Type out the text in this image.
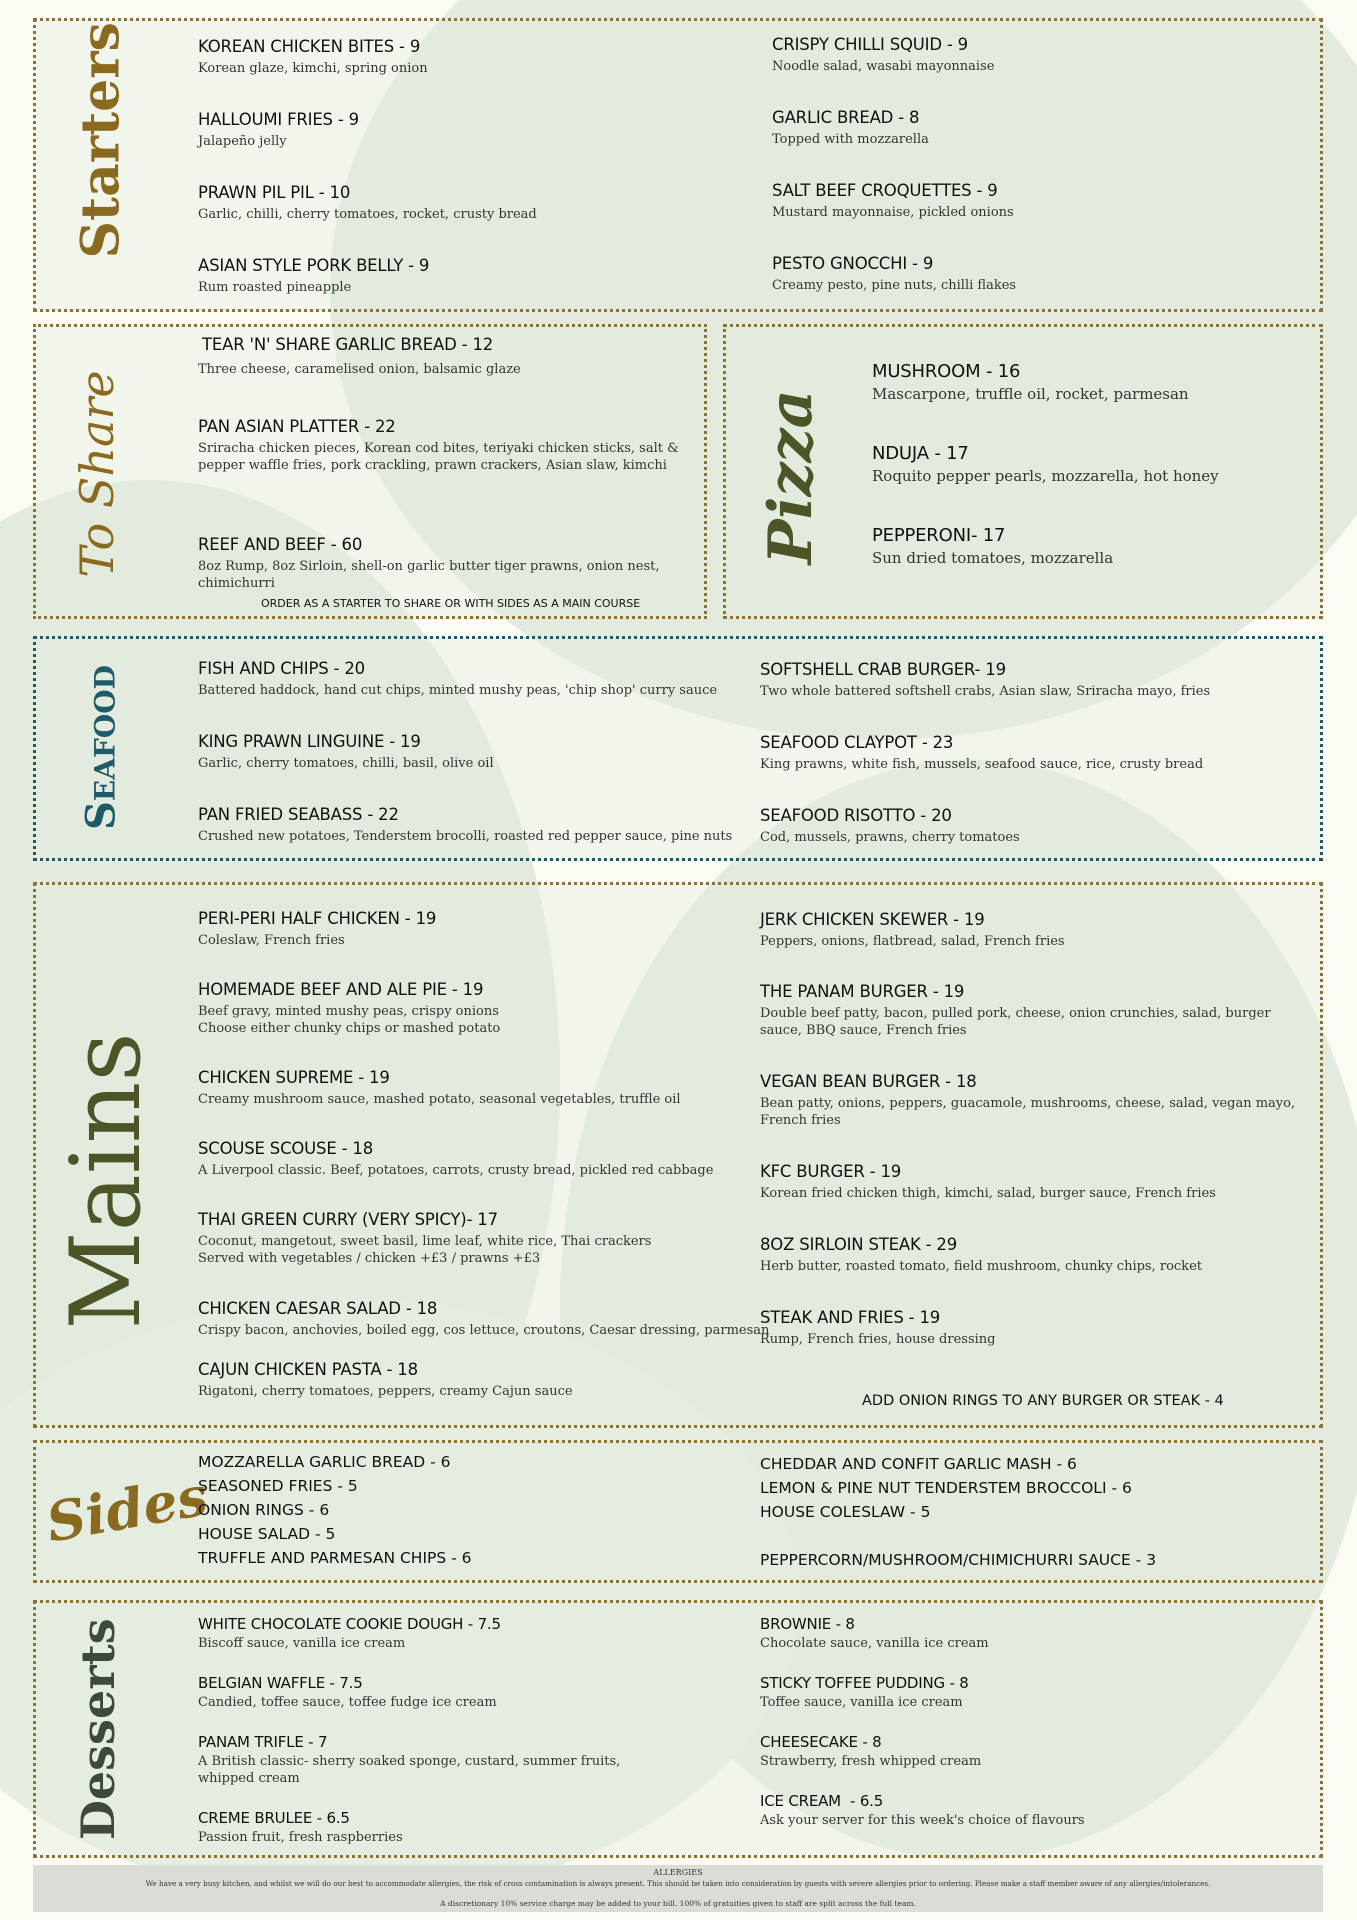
Starters	KOREAN CHICKEN BITES - 9
Korean glaze, kimchi, spring onion
HALLOUMI FRIES - 9
Jalapeño jelly
PRAWN PIL PIL - 10
Garlic, chilli, cherry tomatoes, rocket, crusty bread
ASIAN STYLE PORK BELLY - 9
Rum roasted pineapple
CRISPY CHILLI SQUID - 9
Noodle salad, wasabi mayonnaise
GARLIC BREAD - 8
Topped with mozzarella
SALT BEEF CROQUETTES - 9
Mustard mayonnaise, pickled onions
PESTO GNOCCHI - 9
Creamy pesto, pine nuts, chilli flakes
To Share
TEAR 'N' SHARE GARLIC BREAD - 12
Three cheese, caramelised onion, balsamic glaze
PAN ASIAN PLATTER - 22
Sriracha chicken pieces, Korean cod bites, teriyaki chicken sticks, salt & pepper waffle fries, pork crackling, prawn crackers, Asian slaw, kimchi
REEF AND BEEF - 60
8oz Rump, 8oz Sirloin, shell-on garlic butter tiger prawns, onion nest, chimichurri
ORDER AS A STARTER TO SHARE OR WITH SIDES AS A MAIN COURSE
Pizza
MUSHROOM - 16
Mascarpone, truffle oil, rocket, parmesan
NDUJA - 17
Roquito pepper pearls, mozzarella, hot honey
PEPPERONI- 17
Sun dried tomatoes, mozzarella
Seafood	FISH AND CHIPS - 20
Battered haddock, hand cut chips, minted mushy peas, 'chip shop' curry sauce
KING PRAWN LINGUINE - 19
Garlic, cherry tomatoes, chilli, basil, olive oil
PAN FRIED SEABASS - 22
Crushed new potatoes, Tenderstem brocolli, roasted red pepper sauce, pine nuts
SOFTSHELL CRAB BURGER- 19
Two whole battered softshell crabs, Asian slaw, Sriracha mayo, fries
SEAFOOD CLAYPOT - 23
King prawns, white fish, mussels, seafood sauce, rice, crusty bread
SEAFOOD RISOTTO - 20
Cod, mussels, prawns, cherry tomatoes
Mains
PERI-PERI HALF CHICKEN - 19
Coleslaw, French fries
HOMEMADE BEEF AND ALE PIE - 19
Beef gravy, minted mushy peas, crispy onions
Choose either chunky chips or mashed potato
CHICKEN SUPREME - 19
Creamy mushroom sauce, mashed potato, seasonal vegetables, truffle oil
SCOUSE SCOUSE - 18
A Liverpool classic. Beef, potatoes, carrots, crusty bread, pickled red cabbage
THAI GREEN CURRY (VERY SPICY)- 17
Coconut, mangetout, sweet basil, lime leaf, white rice, Thai crackers
Served with vegetables / chicken +£3 / prawns +£3
CHICKEN CAESAR SALAD - 18
Crispy bacon, anchovies, boiled egg, cos lettuce, croutons, Caesar dressing, parmesan
CAJUN CHICKEN PASTA - 18
Rigatoni, cherry tomatoes, peppers, creamy Cajun sauce
JERK CHICKEN SKEWER - 19
Peppers, onions, flatbread, salad, French fries
THE PANAM BURGER - 19
Double beef patty, bacon, pulled pork, cheese, onion crunchies, salad, burger sauce, BBQ sauce, French fries
VEGAN BEAN BURGER - 18
Bean patty, onions, peppers, guacamole, mushrooms, cheese, salad, vegan mayo, French fries
KFC BURGER - 19
Korean fried chicken thigh, kimchi, salad, burger sauce, French fries
8OZ SIRLOIN STEAK - 29
Herb butter, roasted tomato, field mushroom, chunky chips, rocket
STEAK AND FRIES - 19
Rump, French fries, house dressing
ADD ONION RINGS TO ANY BURGER OR STEAK - 4
Sides
MOZZARELLA GARLIC BREAD - 6
SEASONED FRIES - 5
ONION RINGS - 6
HOUSE SALAD - 5
TRUFFLE AND PARMESAN CHIPS - 6
CHEDDAR AND CONFIT GARLIC MASH - 6
LEMON & PINE NUT TENDERSTEM BROCCOLI - 6
HOUSE COLESLAW - 5
PEPPERCORN/MUSHROOM/CHIMICHURRI SAUCE - 3
Desserts	WHITE CHOCOLATE COOKIE DOUGH - 7.5
Biscoff sauce, vanilla ice cream
BELGIAN WAFFLE - 7.5
Candied, toffee sauce, toffee fudge ice cream
PANAM TRIFLE - 7
A British classic- sherry soaked sponge, custard, summer fruits, whipped cream
CREME BRULEE - 6.5
Passion fruit, fresh raspberries
BROWNIE - 8
Chocolate sauce, vanilla ice cream
STICKY TOFFEE PUDDING - 8
Toffee sauce, vanilla ice cream
CHEESECAKE - 8
Strawberry, fresh whipped cream
ICE CREAM  - 6.5
Ask your server for this week's choice of flavours
ALLERGIES
We have a very busy kitchen, and whilst we will do our best to accommodate allergies, the risk of cross contamination is always present. This should be taken into consideration by guests with severe allergies prior to ordering. Please make a staff member aware of any allergies/intolerances.
A discretionary 10% service charge may be added to your bill. 100% of gratuities given to staff are split across the full team.
